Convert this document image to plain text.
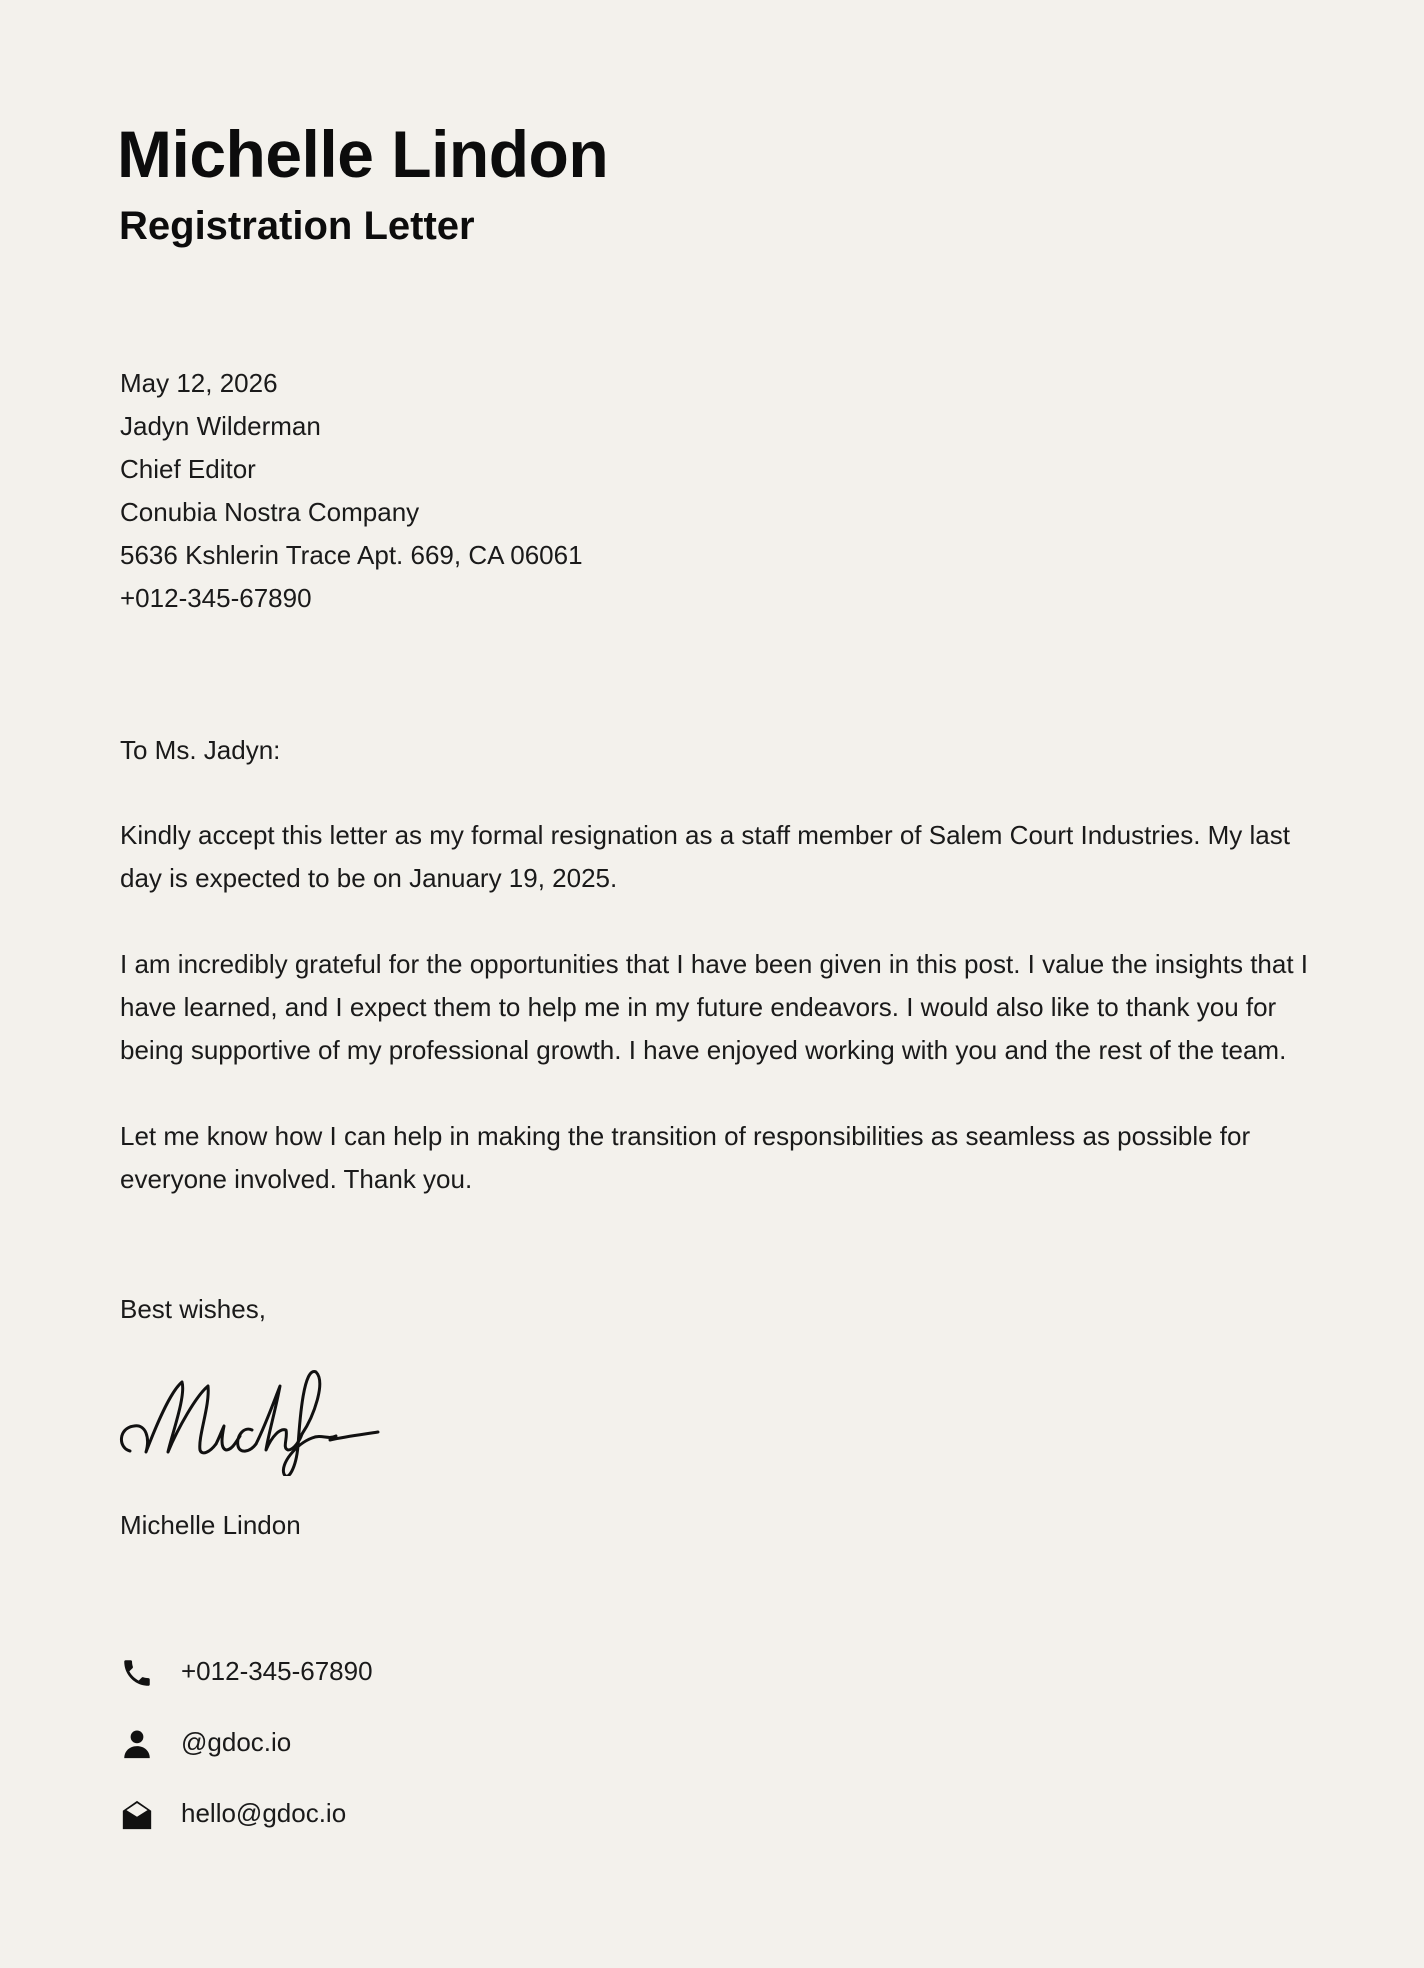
Michelle Lindon
Registration Letter
May 12, 2026
Jadyn Wilderman
Chief Editor
Conubia Nostra Company
5636 Kshlerin Trace Apt. 669, CA 06061
+012-345-67890

To Ms. Jadyn:

Kindly accept this letter as my formal resignation as a staff member of Salem Court Industries. My last day is expected to be on January 19, 2025.

I am incredibly grateful for the opportunities that I have been given in this post. I value the insights that I have learned, and I expect them to help me in my future endeavors. I would also like to thank you for being supportive of my professional growth. I have enjoyed working with you and the rest of the team.

Let me know how I can help in making the transition of responsibilities as seamless as possible for everyone involved. Thank you.

Best wishes,
Michelle Lindon
+012-345-67890
@gdoc.io
hello@gdoc.io
